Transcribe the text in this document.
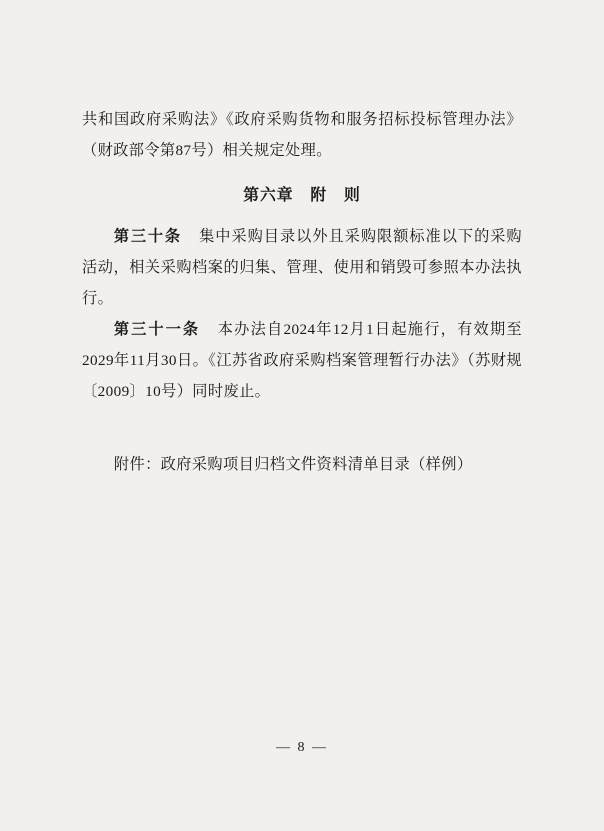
共和国政府采购法》《政府采购货物和服务招标投标管理办法》（财政部令第87号）相关规定处理。

第六章　附　则

第三十条 集中采购目录以外且采购限额标准以下的采购活动，相关采购档案的归集、管理、使用和销毁可参照本办法执行。

第三十一条 本办法自2024年12月1日起施行，有效期至2029年11月30日。《江苏省政府采购档案管理暂行办法》（苏财规〔2009〕10号）同时废止。

附件：政府采购项目归档文件资料清单目录（样例）

— 8 —
